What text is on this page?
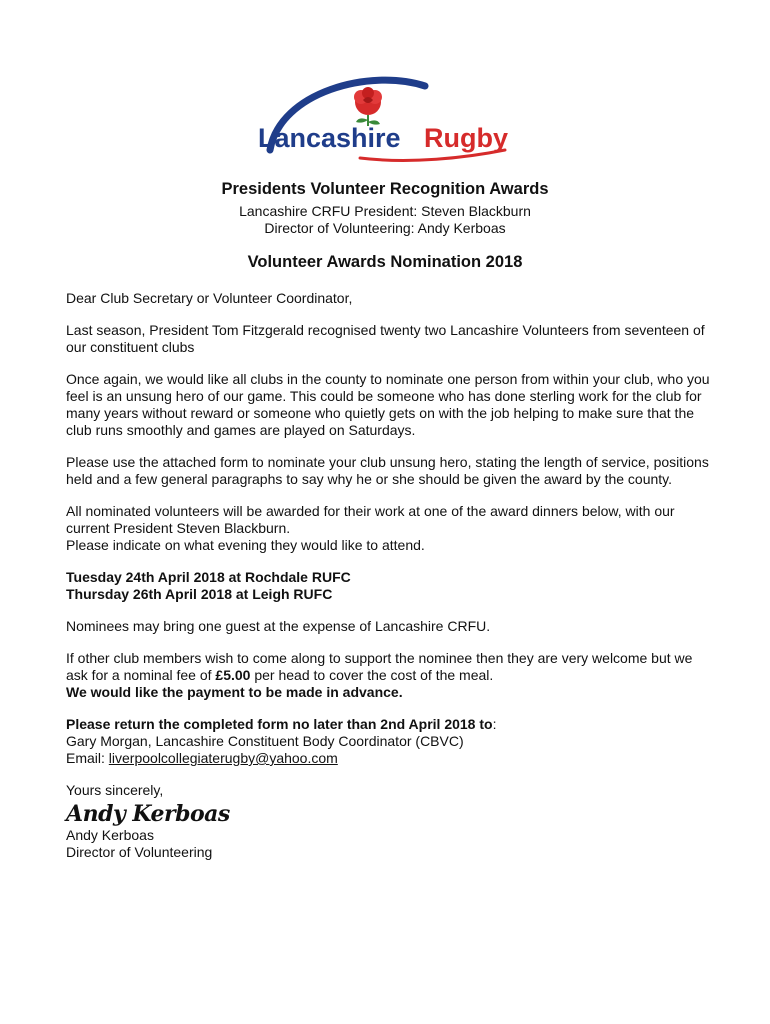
Lancashire Rugby
Presidents Volunteer Recognition Awards
Lancashire CRFU President: Steven Blackburn
Director of Volunteering: Andy Kerboas
Volunteer Awards Nomination 2018

Dear Club Secretary or Volunteer Coordinator,

Last season, President Tom Fitzgerald recognised twenty two Lancashire Volunteers from seventeen of our constituent clubs

Once again, we would like all clubs in the county to nominate one person from within your club, who you feel is an unsung hero of our game. This could be someone who has done sterling work for the club for many years without reward or someone who quietly gets on with the job helping to make sure that the club runs smoothly and games are played on Saturdays.

Please use the attached form to nominate your club unsung hero, stating the length of service, positions held and a few general paragraphs to say why he or she should be given the award by the county.

All nominated volunteers will be awarded for their work at one of the award dinners below, with our current President Steven Blackburn.
Please indicate on what evening they would like to attend.

Tuesday 24th April 2018 at Rochdale RUFC
Thursday 26th April 2018 at Leigh RUFC

Nominees may bring one guest at the expense of Lancashire CRFU.

If other club members wish to come along to support the nominee then they are very welcome but we ask for a nominal fee of £5.00 per head to cover the cost of the meal.
We would like the payment to be made in advance.

Please return the completed form no later than 2nd April 2018 to:
Gary Morgan, Lancashire Constituent Body Coordinator (CBVC)
Email: liverpoolcollegiaterugby@yahoo.com

Yours sincerely,

Andy Kerboas
Andy Kerboas
Director of Volunteering
